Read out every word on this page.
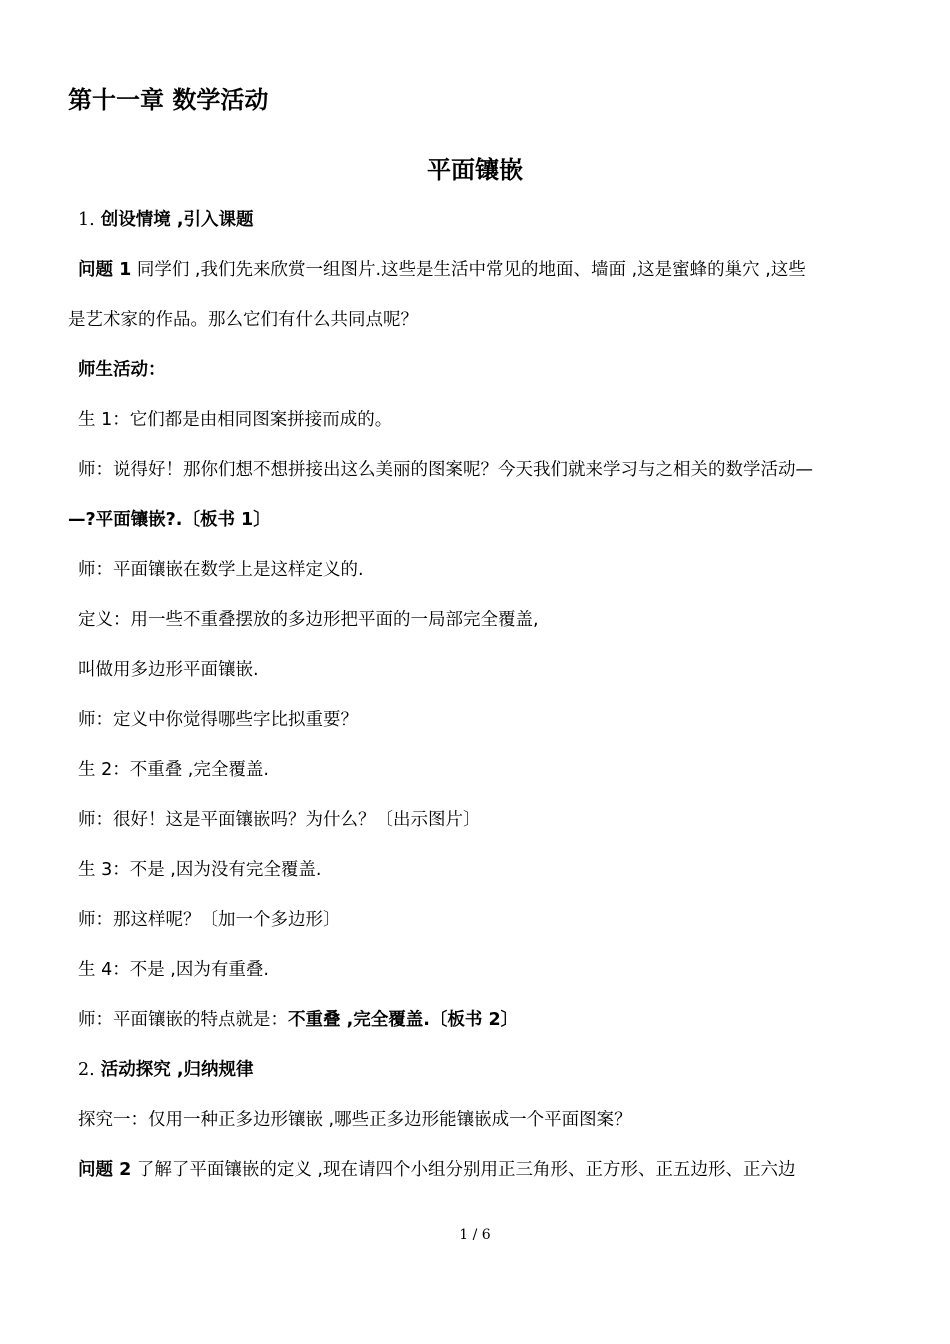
第十一章 数学活动
平面镶嵌
1. 创设情境 ,引入课题
问题 1 同学们 ,我们先来欣赏一组图片.这些是生活中常见的地面、墙面 ,这是蜜蜂的巢穴 ,这些
是艺术家的作品。那么它们有什么共同点呢？
师生活动：
生 1：它们都是由相同图案拼接而成的。
师：说得好！那你们想不想拼接出这么美丽的图案呢？今天我们就来学习与之相关的数学活动—
—?平面镶嵌?.〔板书 1〕
师：平面镶嵌在数学上是这样定义的.
定义：用一些不重叠摆放的多边形把平面的一局部完全覆盖,
叫做用多边形平面镶嵌.
师：定义中你觉得哪些字比拟重要？
生 2：不重叠 ,完全覆盖.
师：很好！这是平面镶嵌吗？为什么？〔出示图片〕
生 3：不是 ,因为没有完全覆盖.
师：那这样呢？〔加一个多边形〕
生 4：不是 ,因为有重叠.
师：平面镶嵌的特点就是：不重叠 ,完全覆盖.〔板书 2〕
2. 活动探究 ,归纳规律
探究一：仅用一种正多边形镶嵌 ,哪些正多边形能镶嵌成一个平面图案？
问题 2 了解了平面镶嵌的定义 ,现在请四个小组分别用正三角形、正方形、正五边形、正六边
1 / 6
